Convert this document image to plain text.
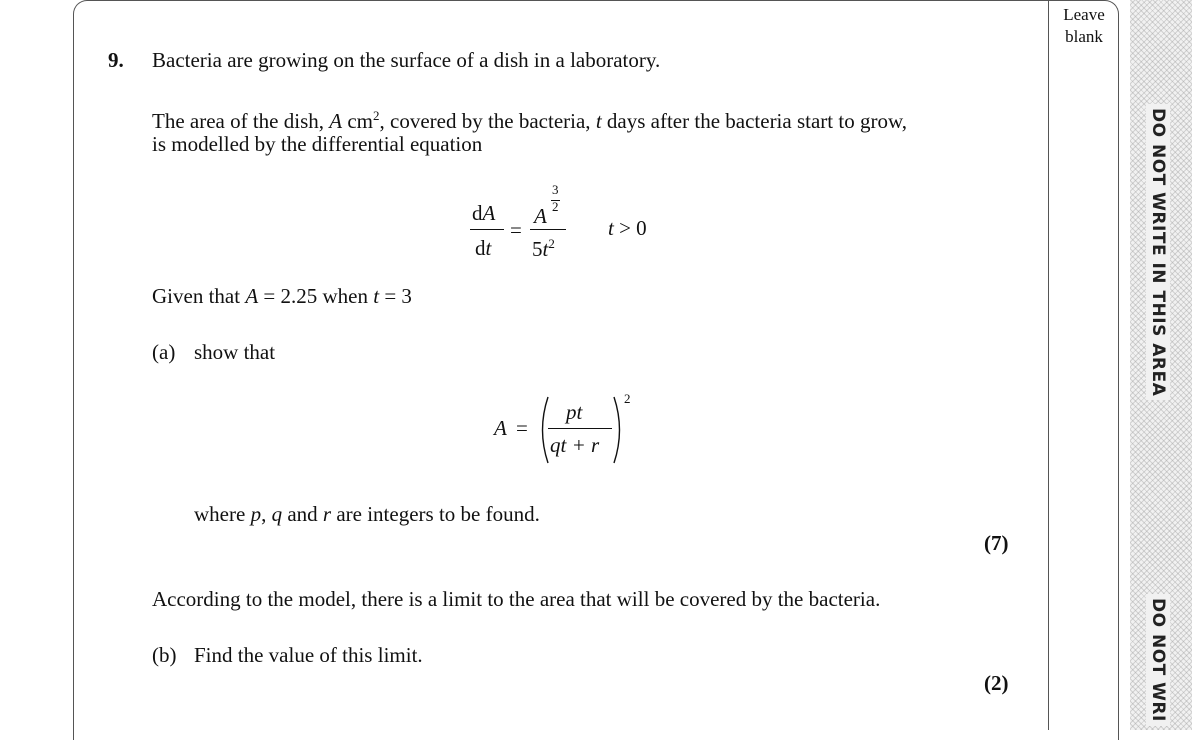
Leave
blank
DO NOT WRITE IN THIS AREA
DO NOT WRI
9. Bacteria are growing on the surface of a dish in a laboratory.
The area of the dish, A $cm^2$, covered by the bacteria, t days after the bacteria start to grow,
is modelled by the differential equation
dA
dt
=
A
3
2
$5t^2$
t > 0
Given that A = 2.25 when t = 3
(a) show that
A =
pt
qt + r
2
where p, q and r are integers to be found.
(7)
According to the model, there is a limit to the area that will be covered by the bacteria.
(b) Find the value of this limit.
(2)
